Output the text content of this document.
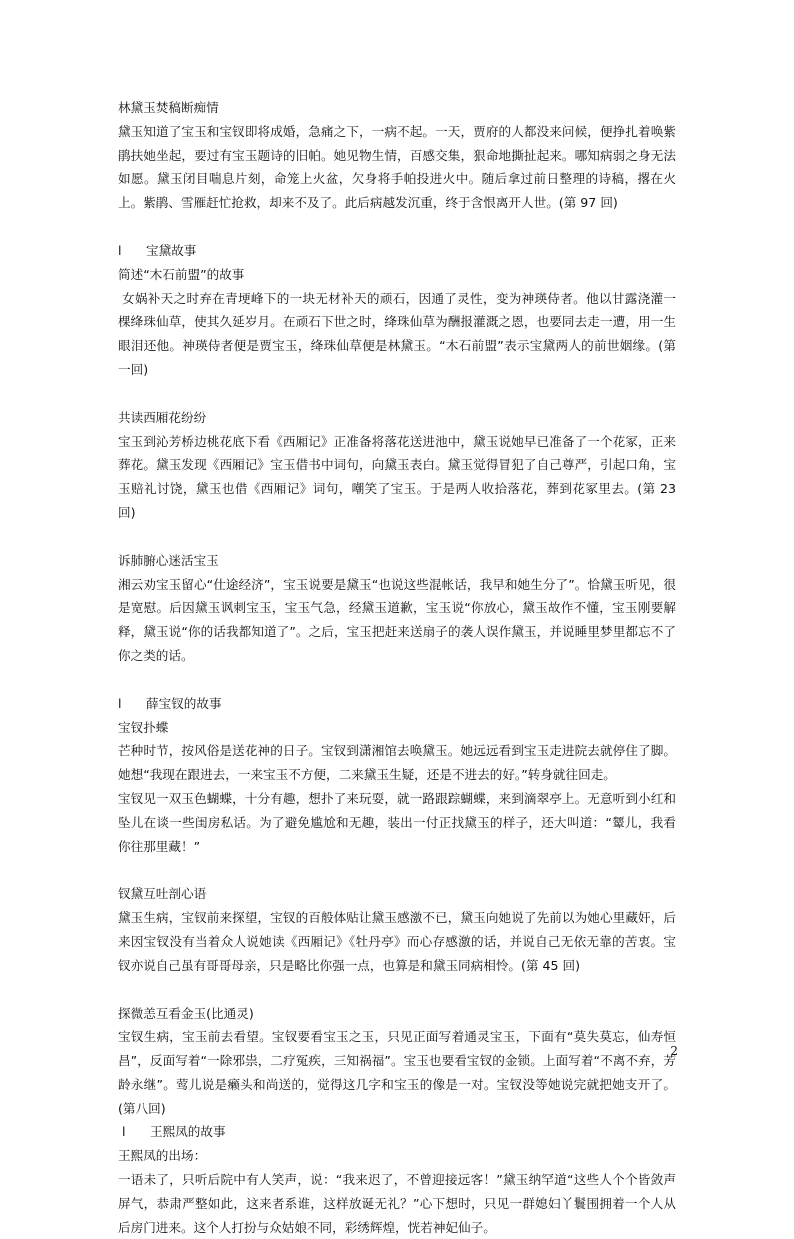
林黛玉焚稿断痴情

黛玉知道了宝玉和宝钗即将成婚，急痛之下，一病不起。一天，贾府的人都没来问候，便挣扎着唤紫鹃扶她坐起，要过有宝玉题诗的旧帕。她见物生情，百感交集，狠命地撕扯起来。哪知病弱之身无法如愿。黛玉闭目喘息片刻，命笼上火盆，欠身将手帕投进火中。随后拿过前日整理的诗稿，撂在火上。紫鹃、雪雁赶忙抢救，却来不及了。此后病越发沉重，终于含恨离开人世。(第 97 回)

l	宝黛故事

简述“木石前盟”的故事

女娲补天之时弃在青埂峰下的一块无材补天的顽石，因通了灵性，变为神瑛侍者。他以甘露浇灌一棵绛珠仙草，使其久延岁月。在顽石下世之时，绛珠仙草为酬报灌溉之恩，也要同去走一遭，用一生眼泪还他。神瑛侍者便是贾宝玉，绛珠仙草便是林黛玉。“木石前盟”表示宝黛两人的前世姻缘。(第一回)

共读西厢花纷纷

宝玉到沁芳桥边桃花底下看《西厢记》正准备将落花送进池中，黛玉说她早已准备了一个花冢，正来葬花。黛玉发现《西厢记》宝玉借书中词句，向黛玉表白。黛玉觉得冒犯了自己尊严，引起口角，宝玉赔礼讨饶，黛玉也借《西厢记》词句，嘲笑了宝玉。于是两人收拾落花，葬到花冢里去。(第 23 回)

诉肺腑心迷活宝玉

湘云劝宝玉留心“仕途经济”，宝玉说要是黛玉“也说这些混帐话，我早和她生分了”。恰黛玉听见，很是宽慰。后因黛玉讽刺宝玉，宝玉气急，经黛玉道歉，宝玉说“你放心，黛玉故作不懂，宝玉刚要解释，黛玉说“你的话我都知道了”。之后，宝玉把赶来送扇子的袭人误作黛玉，并说睡里梦里都忘不了你之类的话。

l	薛宝钗的故事

宝钗扑蝶

芒种时节，按风俗是送花神的日子。宝钗到潇湘馆去唤黛玉。她远远看到宝玉走进院去就停住了脚。她想“我现在跟进去，一来宝玉不方便，二来黛玉生疑，还是不进去的好。”转身就往回走。

宝钗见一双玉色蝴蝶，十分有趣，想扑了来玩耍，就一路跟踪蝴蝶，来到滴翠亭上。无意听到小红和坠儿在谈一些闺房私话。为了避免尴尬和无趣，装出一付正找黛玉的样子，还大叫道：“颦儿，我看你往那里藏！”

钗黛互吐剖心语

黛玉生病，宝钗前来探望，宝钗的百般体贴让黛玉感激不已，黛玉向她说了先前以为她心里藏奸，后来因宝钗没有当着众人说她读《西厢记》《牡丹亭》而心存感激的话，并说自己无依无靠的苦衷。宝钗亦说自己虽有哥哥母亲，只是略比你强一点，也算是和黛玉同病相怜。(第 45 回)

探微恙互看金玉(比通灵)

宝钗生病，宝玉前去看望。宝钗要看宝玉之玉，只见正面写着通灵宝玉，下面有“莫失莫忘，仙寿恒昌”，反面写着“一除邪祟，二疗冤疾，三知祸福”。宝玉也要看宝钗的金锁。上面写着“不离不弃，芳龄永继”。莺儿说是癞头和尚送的，觉得这几字和宝玉的像是一对。宝钗没等她说完就把她支开了。(第八回)

l	王熙凤的故事

王熙凤的出场：

一语未了，只听后院中有人笑声，说：“我来迟了，不曾迎接远客！”黛玉纳罕道“这些人个个皆敛声屏气，恭肃严整如此，这来者系谁，这样放诞无礼？”心下想时，只见一群媳妇丫鬟围拥着一个人从后房门进来。这个人打扮与众姑娘不同，彩绣辉煌，恍若神妃仙子。

2
